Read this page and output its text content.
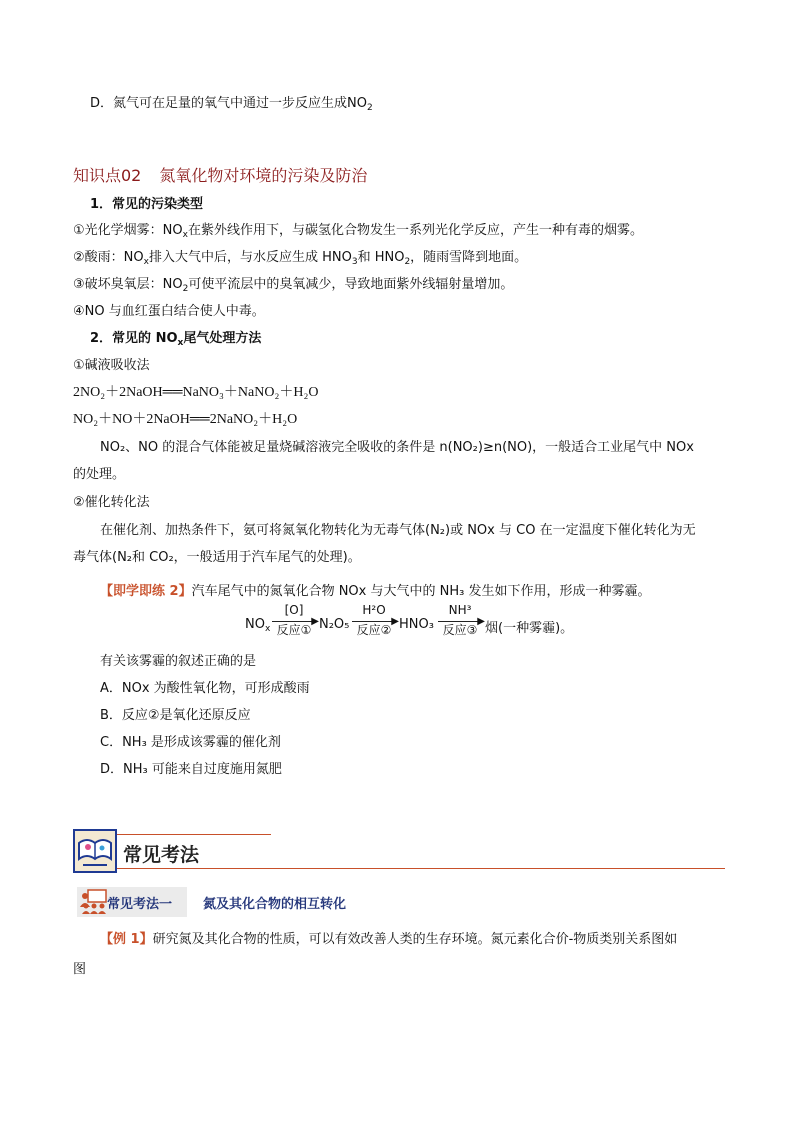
D．氮气可在足量的氧气中通过一步反应生成$NO_2$
知识点02 氮氧化物对环境的污染及防治
1．常见的污染类型
①光化学烟雾：$NO_x$在紫外线作用下，与碳氢化合物发生一系列光化学反应，产生一种有毒的烟雾。
②酸雨：$NO_x$排入大气中后，与水反应生成 $HNO_3$和 $HNO_2$，随雨雪降到地面。
③破坏臭氧层：$NO_2$可使平流层中的臭氧减少，导致地面紫外线辐射量增加。
④NO 与血红蛋白结合使人中毒。
2．常见的 $NO_x$尾气处理方法
①碱液吸收法
2NO₂＋2NaOH══NaNO₃＋NaNO₂＋H₂O
NO₂＋NO＋2NaOH══2NaNO₂＋H₂O
NO₂、NO 的混合气体能被足量烧碱溶液完全吸收的条件是 n(NO₂)≥n(NO)，一般适合工业尾气中 NOx
的处理。
②催化转化法
在催化剂、加热条件下，氨可将氮氧化物转化为无毒气体(N₂)或 NOx 与 CO 在一定温度下催化转化为无
毒气体(N₂和 CO₂，一般适用于汽车尾气的处理)。
【即学即练 2】汽车尾气中的氮氧化合物 NOx 与大气中的 NH₃ 发生如下作用，形成一种雾霾。
$NO_x$
[O]
▶
反应① N₂O₅
H²O
▶
反应② HNO₃
NH³
▶
反应③ 烟(一种雾霾)。
有关该雾霾的叙述正确的是
A．NOx 为酸性氧化物，可形成酸雨
B．反应②是氧化还原反应
C．NH₃ 是形成该雾霾的催化剂
D．NH₃ 可能来自过度施用氮肥
常见考法
常见考法一 氮及其化合物的相互转化
【例 1】研究氮及其化合物的性质，可以有效改善人类的生存环境。氮元素化合价-物质类别关系图如
图
